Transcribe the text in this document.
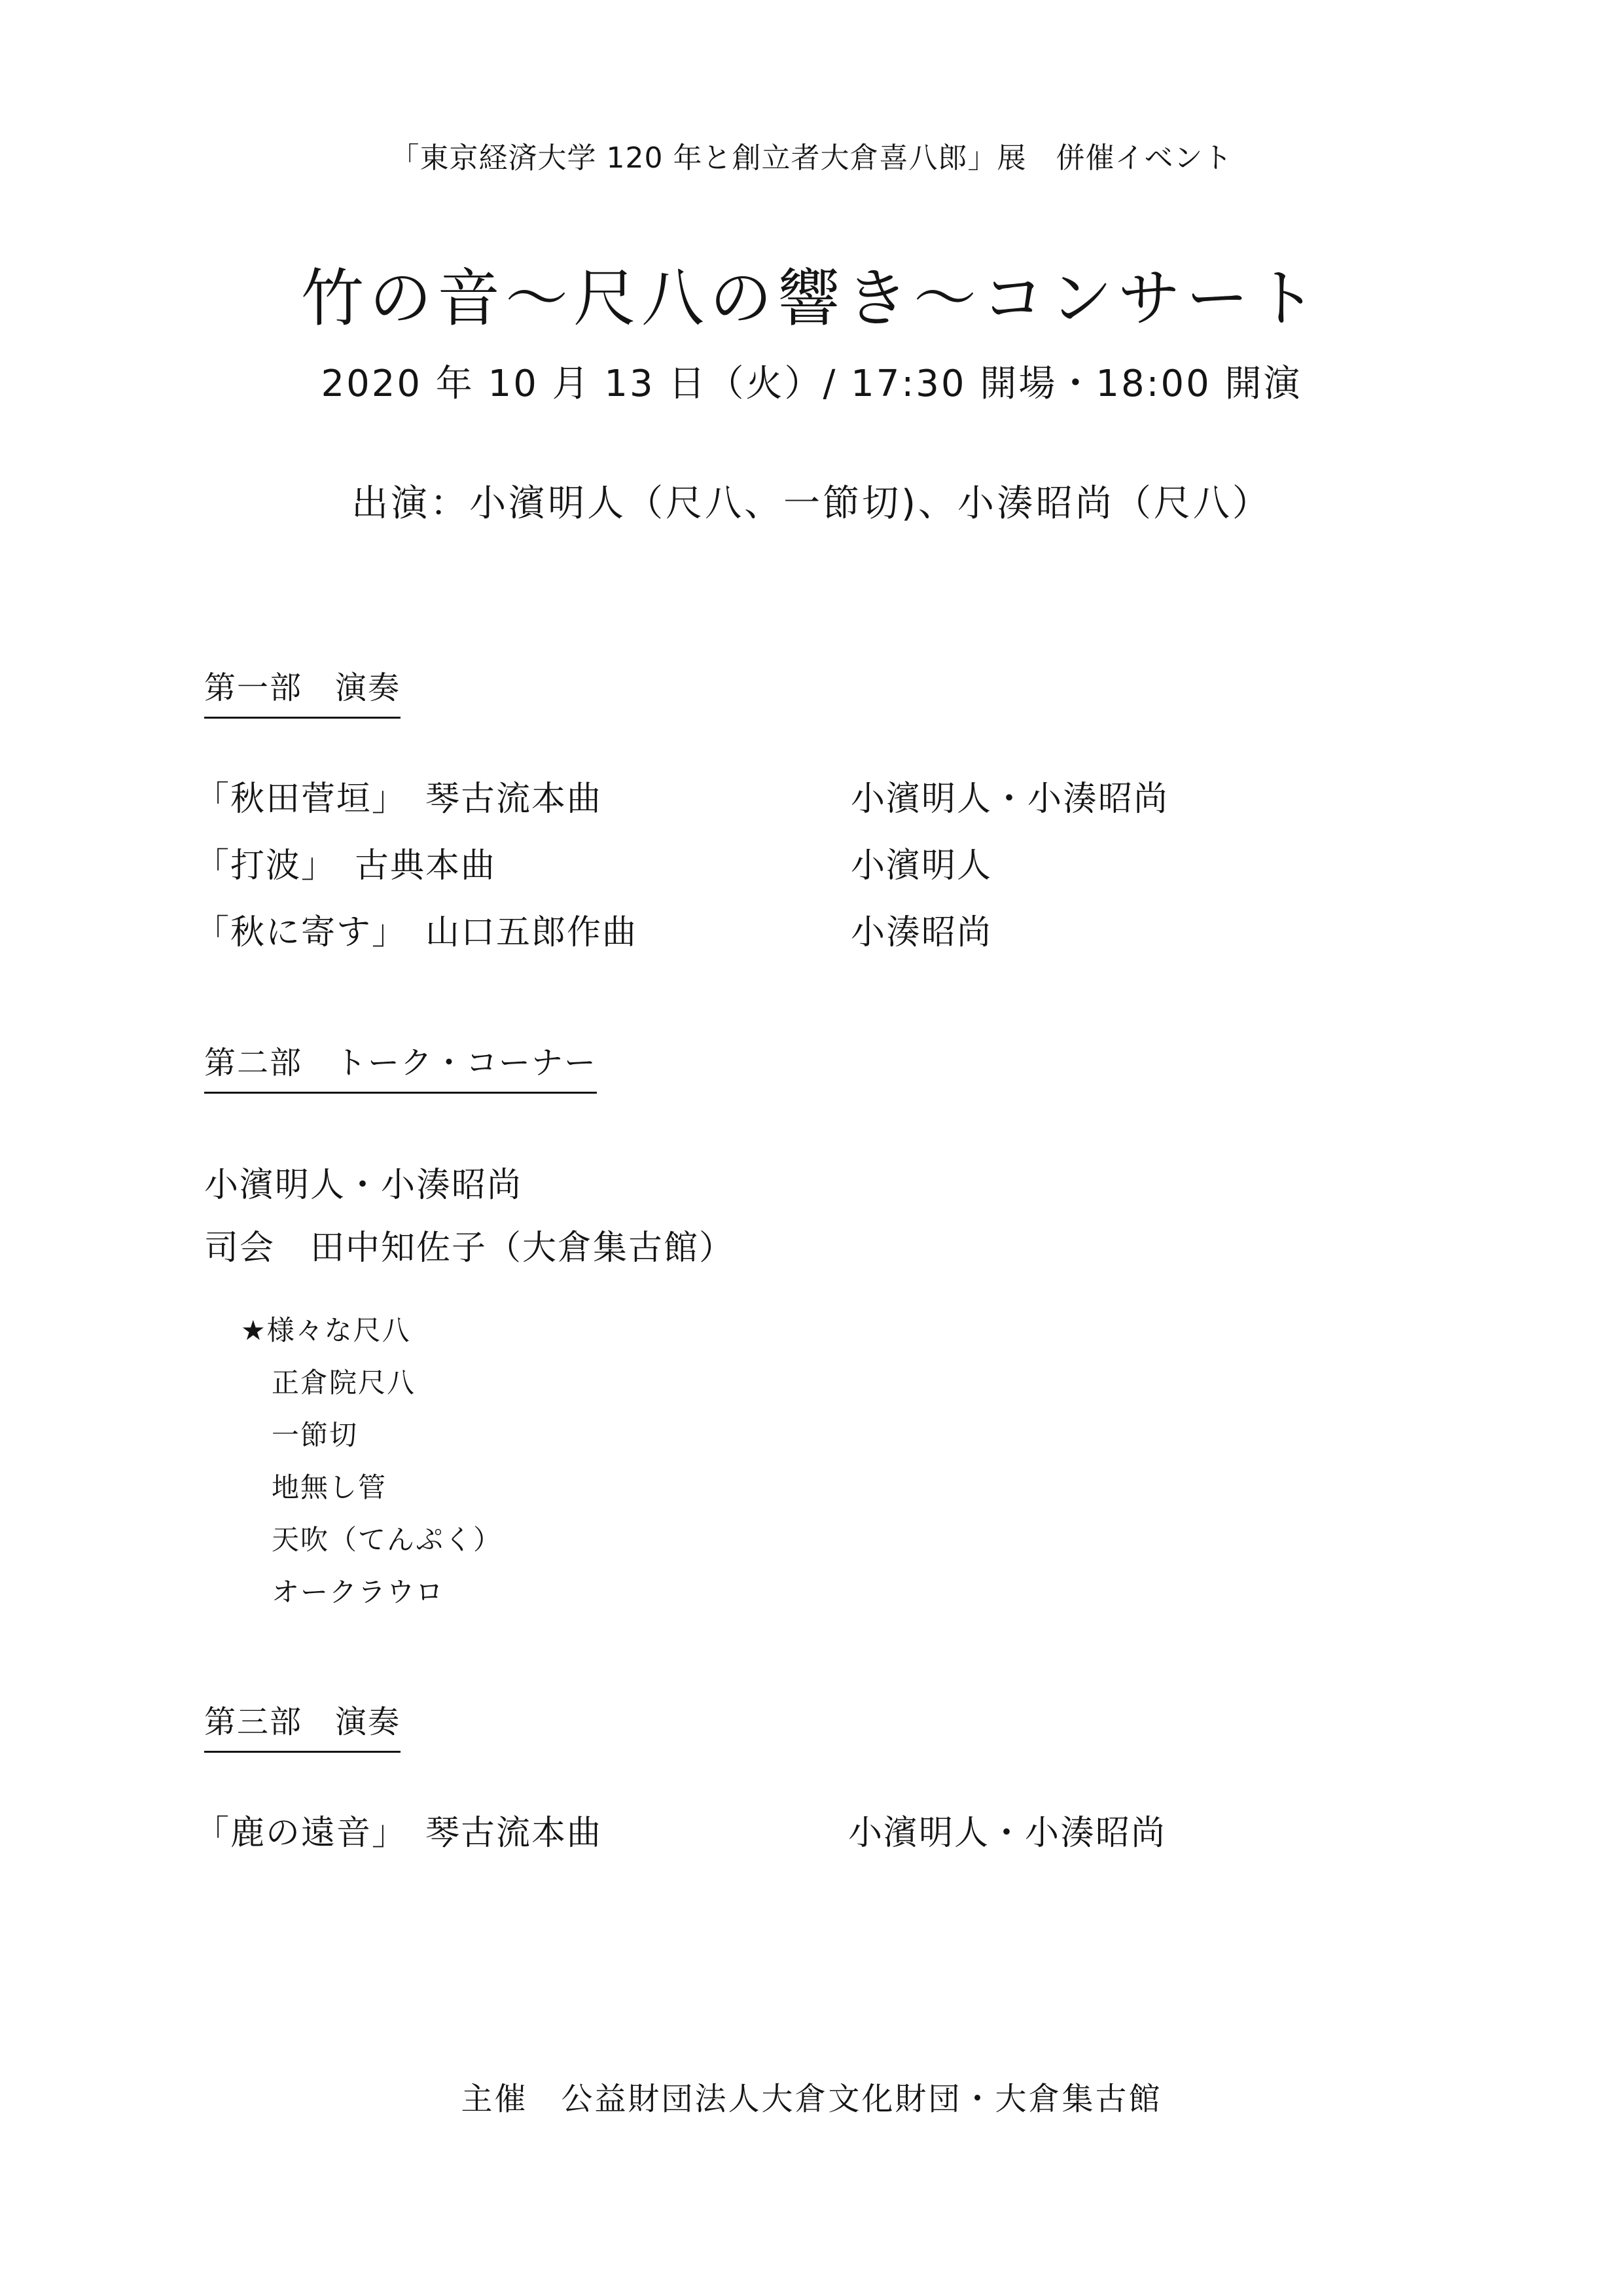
「東京経済大学 120 年と創立者大倉喜八郎」展　併催イベント
竹の音～尺八の響き～コンサート
2020 年 10 月 13 日（火）/ 17:30 開場・18:00 開演
出演：小濱明人（尺八、一節切)、小湊昭尚（尺八）
第一部　演奏
「秋田菅垣」　琴古流本曲	小濱明人・小湊昭尚
「打波」　古典本曲	小濱明人
「秋に寄す」　山口五郎作曲	小湊昭尚
第二部　トーク・コーナー
小濱明人・小湊昭尚
司会　田中知佐子（大倉集古館）
★様々な尺八
正倉院尺八
一節切
地無し管
天吹（てんぷく）
オークラウロ
第三部　演奏
「鹿の遠音」　琴古流本曲	小濱明人・小湊昭尚
主催　公益財団法人大倉文化財団・大倉集古館
